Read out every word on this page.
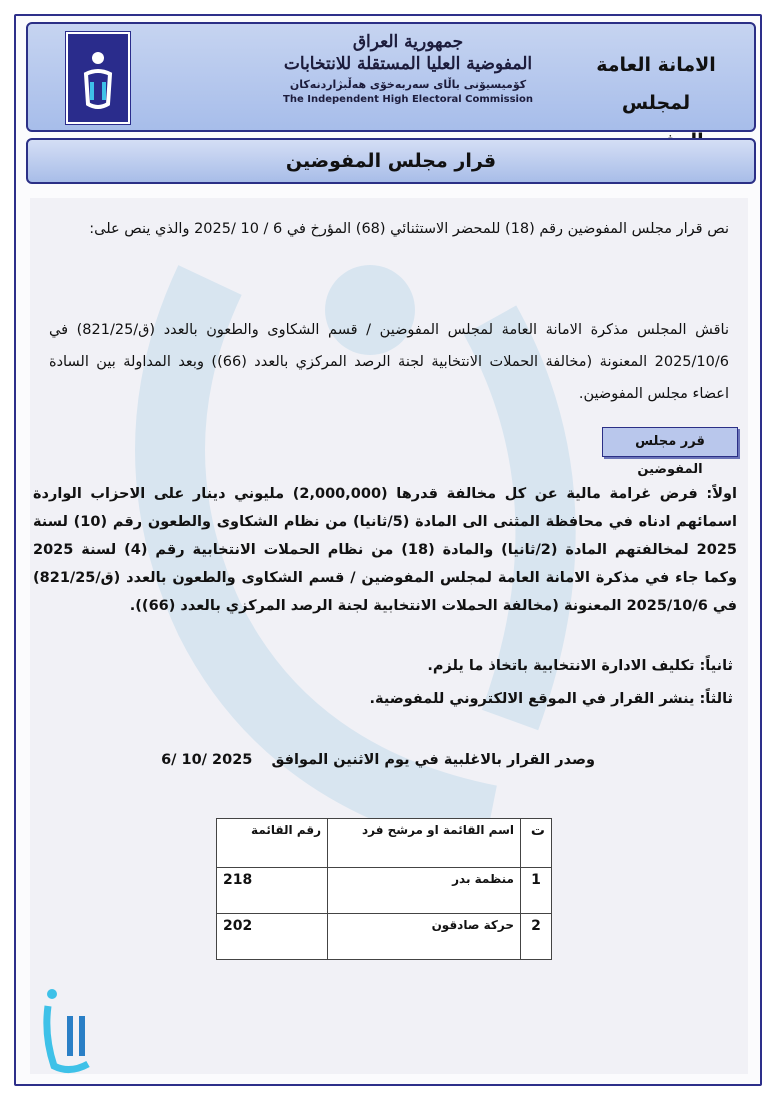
جمهورية العراق
المفوضية العليا المستقلة للانتخابات
كۆمیسیۆنی باڵای سەربەخۆی هەڵبژاردنەکان
The Independent High Electoral Commission
الامانة العامة
لمجلس
قرار مجلس المفوضين
نص قرار مجلس المفوضين رقم (18) للمحضر الاستثنائي (68) المؤرخ في 6 / 10 /2025 والذي ينص على:
ناقش المجلس مذكرة الامانة العامة لمجلس المفوضين / قسم الشكاوى والطعون بالعدد (ق/821/25) في 2025/10/6 المعنونة (مخالفة الحملات الانتخابية لجنة الرصد المركزي بالعدد (66)) وبعد المداولة بين السادة اعضاء مجلس المفوضين.
قرر مجلس المفوضين
اولاً: فرض غرامة مالية عن كل مخالفة قدرها (2,000,000) مليوني دينار على الاحزاب الواردة اسمائهم ادناه في محافظة المثنى الى المادة (5/ثانيا) من نظام الشكاوى والطعون رقم (10) لسنة 2025 لمخالفتهم المادة (2/ثانيا) والمادة (18) من نظام الحملات الانتخابية رقم (4) لسنة 2025 وكما جاء في مذكرة الامانة العامة لمجلس المفوضين / قسم الشكاوى والطعون بالعدد (ق/821/25) في 2025/10/6 المعنونة (مخالفة الحملات الانتخابية لجنة الرصد المركزي بالعدد (66)).
ثانياً: تكليف الادارة الانتخابية باتخاذ ما يلزم.
ثالثاً: ينشر القرار في الموقع الالكتروني للمفوضية.
وصدر القرار بالاغلبية في يوم الاثنين الموافق 6/ 10/ 2025
ت	اسم القائمة او مرشح فرد	رقم القائمة
1	منظمة بدر	218
2	حركة صادقون	202
